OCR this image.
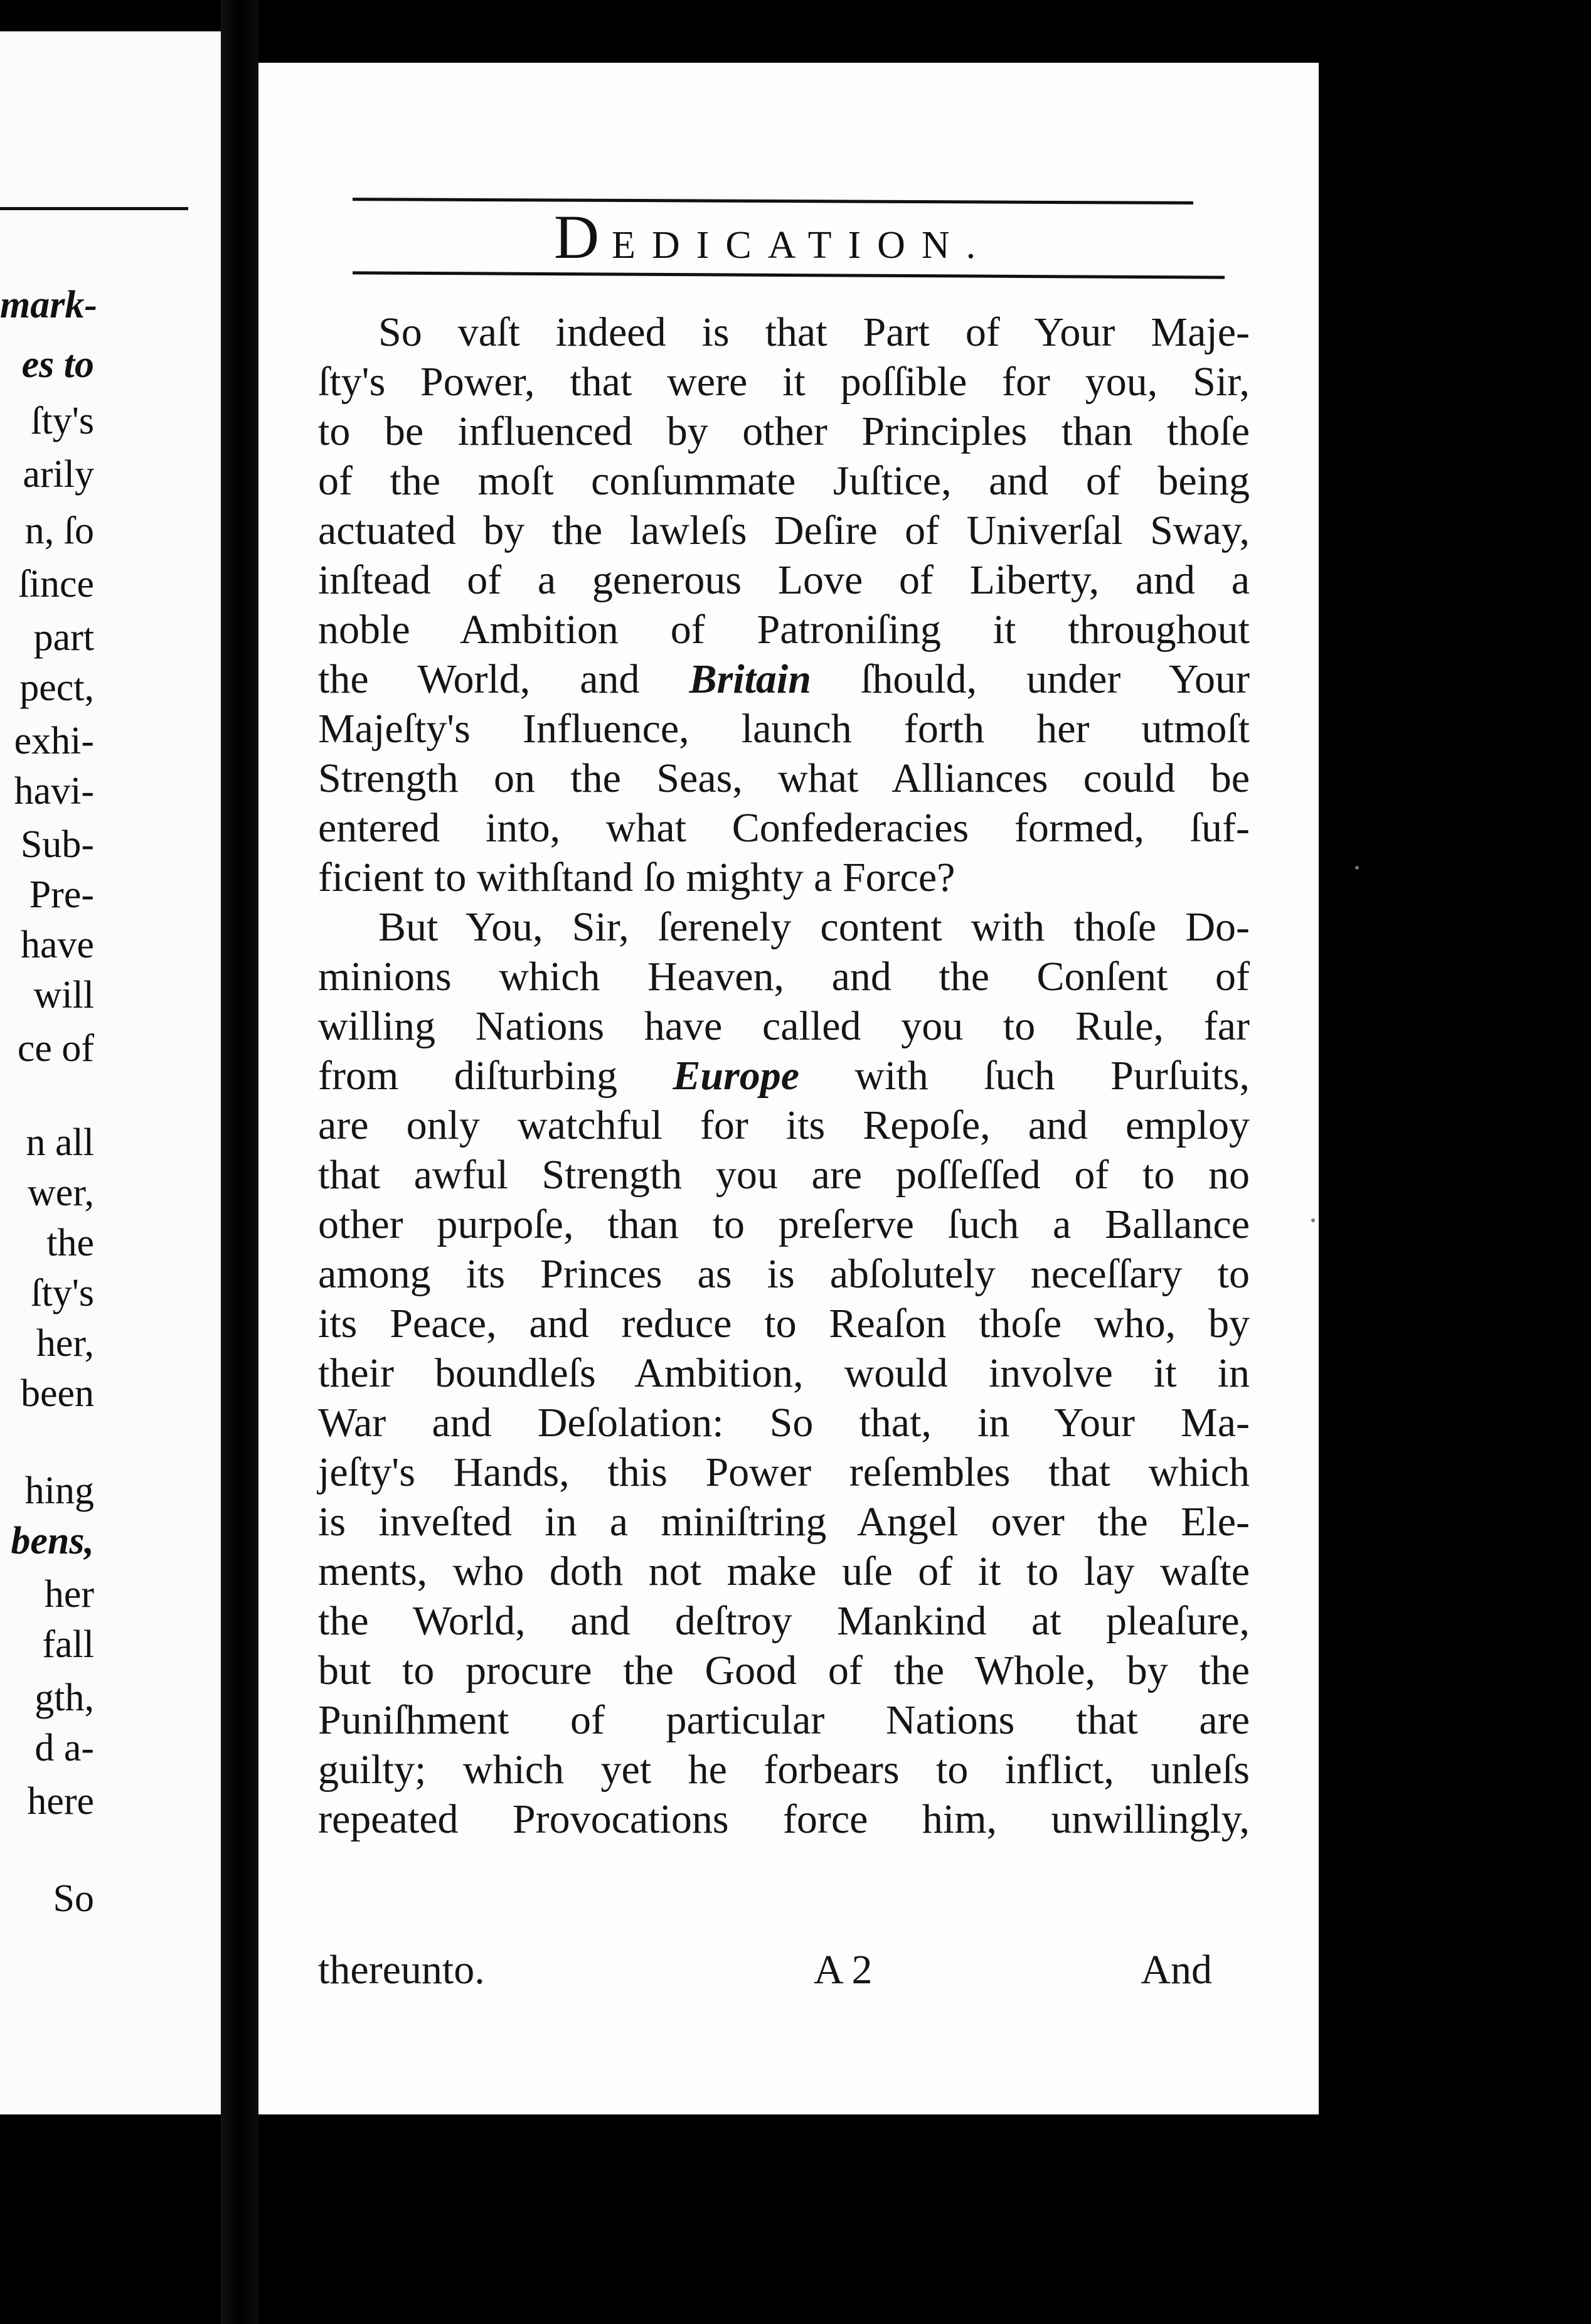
mark-
es to
ſty's
arily
n, ſo
ſince
part
pect,
exhi-
havi-
Sub-
Pre-
have
will
ce of
n all
wer,
the
ſty's
her,
been
hing
bens,
her
fall
gth,
d a-
here
So
DEDICATION.
So vaſt indeed is that Part of Your Maje-
ſty's Power, that were it poſſible for you, Sir,
to be influenced by other Principles than thoſe
of the moſt conſummate Juſtice, and of being
actuated by the lawleſs Deſire of Univerſal Sway,
inſtead of a generous Love of Liberty, and a
noble Ambition of Patroniſing it throughout
the World, and Britain ſhould, under Your
Majeſty's Influence, launch forth her utmoſt
Strength on the Seas, what Alliances could be
entered into, what Confederacies formed, ſuf-
ficient to withſtand ſo mighty a Force?
But You, Sir, ſerenely content with thoſe Do-
minions which Heaven, and the Conſent of
willing Nations have called you to Rule, far
from diſturbing Europe with ſuch Purſuits,
are only watchful for its Repoſe, and employ
that awful Strength you are poſſeſſed of to no
other purpoſe, than to preſerve ſuch a Ballance
among its Princes as is abſolutely neceſſary to
its Peace, and reduce to Reaſon thoſe who, by
their boundleſs Ambition, would involve it in
War and Deſolation: So that, in Your Ma-
jeſty's Hands, this Power reſembles that which
is inveſted in a miniſtring Angel over the Ele-
ments, who doth not make uſe of it to lay waſte
the World, and deſtroy Mankind at pleaſure,
but to procure the Good of the Whole, by the
Puniſhment of particular Nations that are
guilty; which yet he forbears to inflict, unleſs
repeated Provocations force him, unwillingly,
thereunto.	A 2	And
